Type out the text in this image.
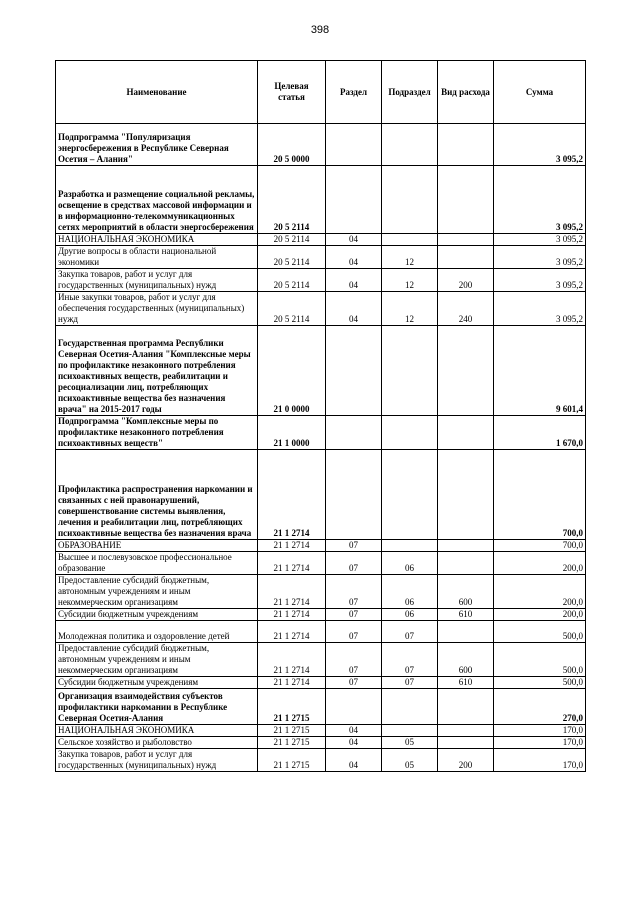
398
Наименование	Целевая статья	Раздел	Подраздел	Вид расхода	Сумма
Подпрограмма "Популяризация энергосбережения в Республике Северная Осетия – Алания"	20 5 0000				3 095,2
Разработка и размещение социальной рекламы, освещение в средствах массовой информации и в информационно-телекоммуникационных сетях мероприятий в области энергосбережения	20 5 2114				3 095,2
НАЦИОНАЛЬНАЯ ЭКОНОМИКА	20 5 2114	04			3 095,2
Другие вопросы в области национальной экономики	20 5 2114	04	12		3 095,2
Закупка товаров, работ и услуг для государственных (муниципальных) нужд	20 5 2114	04	12	200	3 095,2
Иные закупки товаров, работ и услуг для обеспечения государственных (муниципальных) нужд	20 5 2114	04	12	240	3 095,2
Государственная программа Республики Северная Осетия-Алания "Комплексные меры по профилактике незаконного потребления психоактивных веществ, реабилитации и ресоциализации лиц, потребляющих психоактивные вещества без назначения врача" на 2015-2017 годы	21 0 0000				9 601,4
Подпрограмма "Комплексные меры по профилактике незаконного потребления психоактивных веществ"	21 1 0000				1 670,0
Профилактика распространения наркомании и связанных с ней правонарушений, совершенствование системы выявления, лечения и реабилитации лиц, потребляющих психоактивные вещества без назначения врача	21 1 2714				700,0
ОБРАЗОВАНИЕ	21 1 2714	07			700,0
Высшее и послевузовское профессиональное образование	21 1 2714	07	06		200,0
Предоставление субсидий бюджетным, автономным учреждениям и иным некоммерческим организациям	21 1 2714	07	06	600	200,0
Субсидии бюджетным учреждениям	21 1 2714	07	06	610	200,0
Молодежная политика и оздоровление детей	21 1 2714	07	07		500,0
Предоставление субсидий бюджетным, автономным учреждениям и иным некоммерческим организациям	21 1 2714	07	07	600	500,0
Субсидии бюджетным учреждениям	21 1 2714	07	07	610	500,0
Организация взаимодействия субъектов профилактики наркомании в Республике Северная Осетия-Алания	21 1 2715				270,0
НАЦИОНАЛЬНАЯ ЭКОНОМИКА	21 1 2715	04			170,0
Сельское хозяйство и рыболовство	21 1 2715	04	05		170,0
Закупка товаров, работ и услуг для государственных (муниципальных) нужд	21 1 2715	04	05	200	170,0
